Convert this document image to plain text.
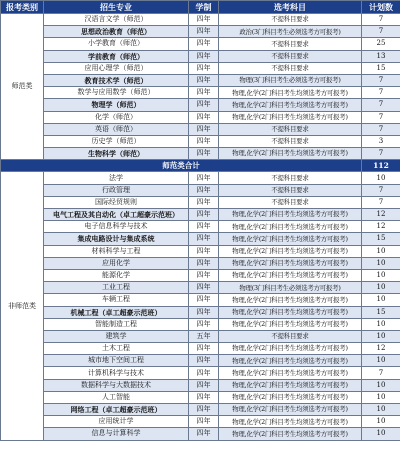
报考类别	招生专业	学制	选考科目	计划数
师范类	汉语言文学（师范）	四年	不提科目要求	7
	思想政治教育（师范）	四年	政治(3门科目考生必须选考方可报考)	7
	小学教育（师范）	四年	不提科目要求	25
	学前教育（师范）	四年	不提科目要求	13
	应用心理学（师范）	四年	不提科目要求	15
	教育技术学（师范）	四年	物理(3门科目考生必须选考方可报考)	7
	数学与应用数学（师范）	四年	物理,化学(2门科目考生均须选考方可报考)	7
	物理学（师范）	四年	物理,化学(2门科目考生均须选考方可报考)	7
	化学（师范）	四年	物理,化学(2门科目考生均须选考方可报考)	7
	英语（师范）	四年	不提科目要求	7
	历史学（师范）	四年	不提科目要求	3
	生物科学（师范）	四年	物理,化学(2门科目考生均须选考方可报考)	7
师范类合计				112
非师范类	法学	四年	不提科目要求	10
	行政管理	四年	不提科目要求	7
	国际经贸规则	四年	不提科目要求	7
	电气工程及其自动化（卓工超豪示范班）	四年	物理,化学(2门科目考生均须选考方可报考)	12
	电子信息科学与技术	四年	物理,化学(2门科目考生均须选考方可报考)	12
	集成电路设计与集成系统	四年	物理,化学(2门科目考生均须选考方可报考)	15
	材料科学与工程	四年	物理,化学(2门科目考生均须选考方可报考)	10
	应用化学	四年	物理,化学(2门科目考生均须选考方可报考)	10
	能源化学	四年	物理,化学(2门科目考生均须选考方可报考)	10
	工业工程	四年	物理(3门科目考生必须选考方可报考)	10
	车辆工程	四年	物理,化学(2门科目考生均须选考方可报考)	10
	机械工程（卓工超豪示范班）	四年	物理,化学(2门科目考生均须选考方可报考)	15
	智能制造工程	四年	物理,化学(2门科目考生均须选考方可报考)	10
	建筑学	五年	不提科目要求	10
	土木工程	四年	物理,化学(2门科目考生均须选考方可报考)	12
	城市地下空间工程	四年	物理,化学(2门科目考生均须选考方可报考)	10
	计算机科学与技术	四年	物理,化学(2门科目考生均须选考方可报考)	7
	数据科学与大数据技术	四年	物理,化学(2门科目考生均须选考方可报考)	10
	人工智能	四年	物理,化学(2门科目考生均须选考方可报考)	10
	网络工程（卓工超豪示范班）	四年	物理,化学(2门科目考生均须选考方可报考)	10
	应用统计学	四年	物理,化学(2门科目考生均须选考方可报考)	10
	信息与计算科学	四年	物理,化学(2门科目考生均须选考方可报考)	10
